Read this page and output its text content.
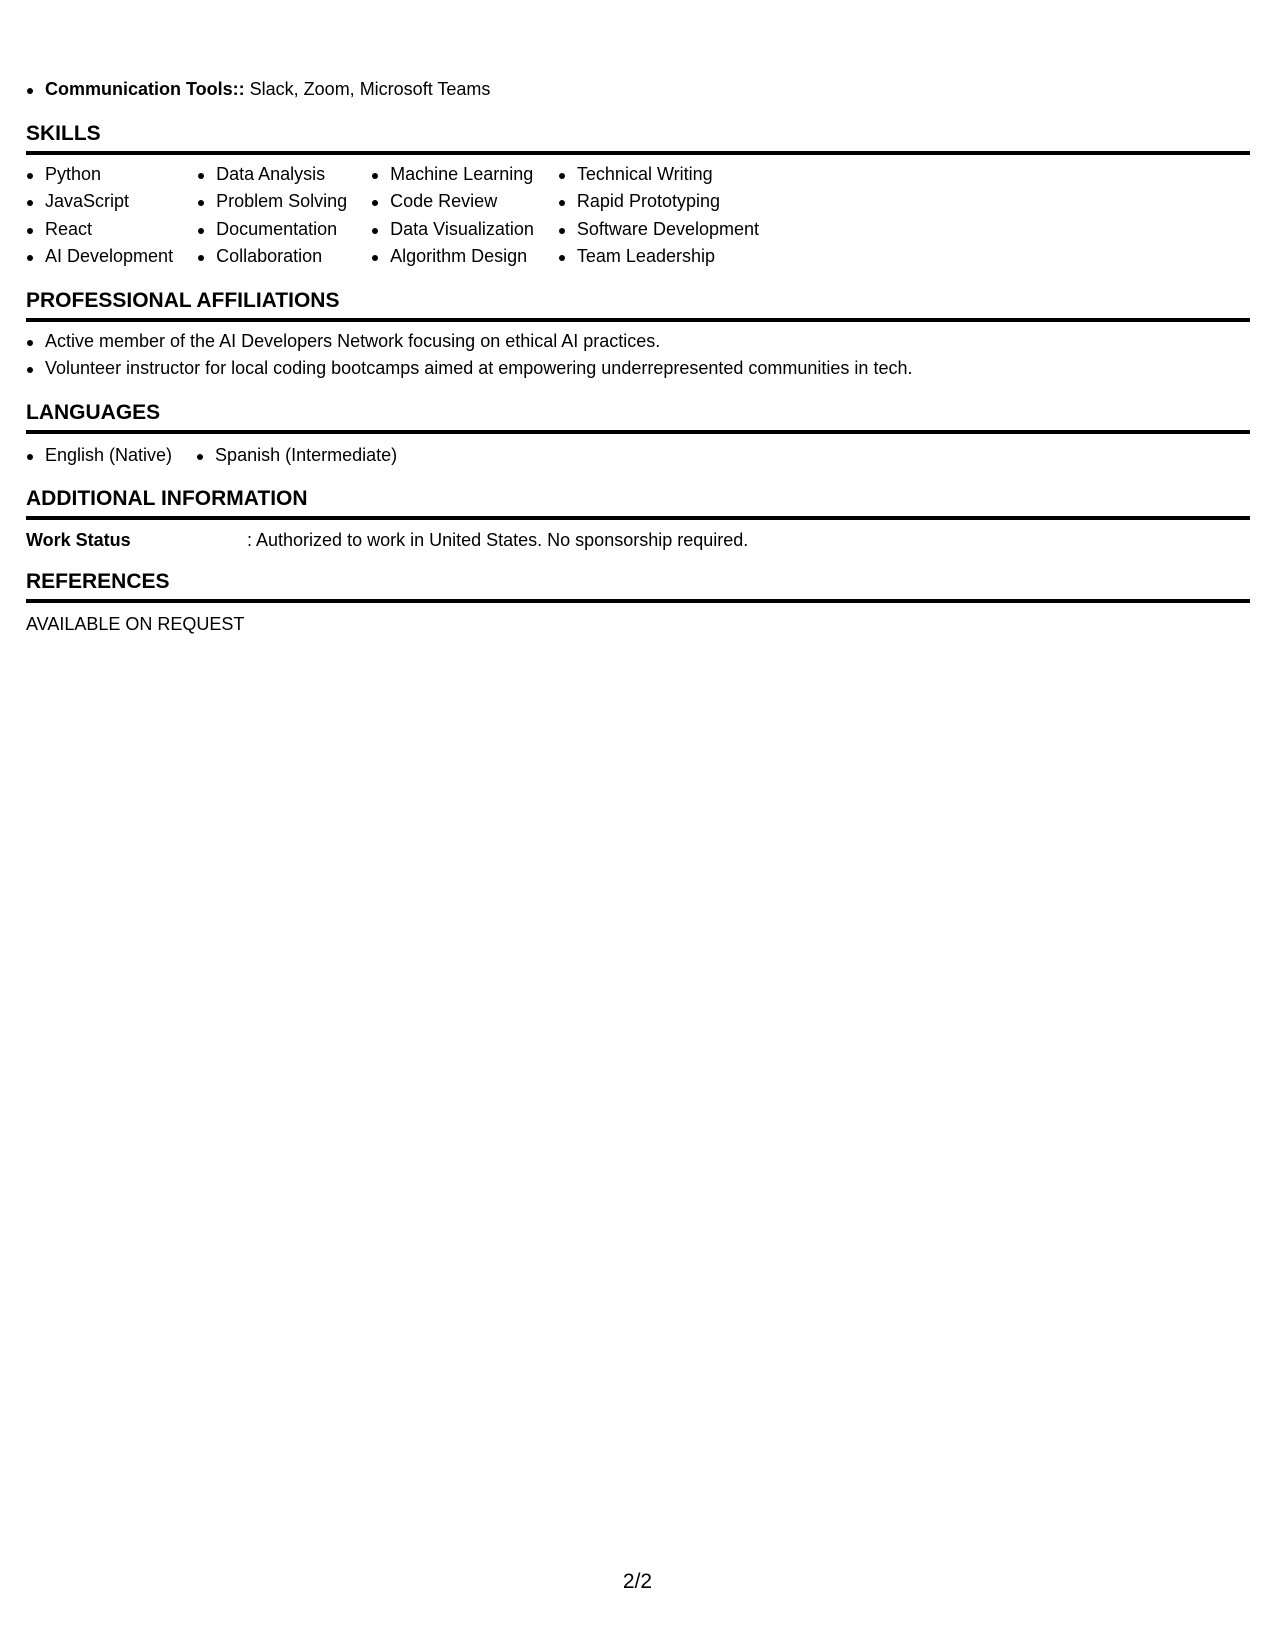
Communication Tools:: Slack, Zoom, Microsoft Teams
SKILLS
Python
JavaScript
React
AI Development
Data Analysis
Problem Solving
Documentation
Collaboration
Machine Learning
Code Review
Data Visualization
Algorithm Design
Technical Writing
Rapid Prototyping
Software Development
Team Leadership
PROFESSIONAL AFFILIATIONS
Active member of the AI Developers Network focusing on ethical AI practices.
Volunteer instructor for local coding bootcamps aimed at empowering underrepresented communities in tech.
LANGUAGES
English (Native)	Spanish (Intermediate)
ADDITIONAL INFORMATION
Work Status	: Authorized to work in United States. No sponsorship required.
REFERENCES
AVAILABLE ON REQUEST
2/2
